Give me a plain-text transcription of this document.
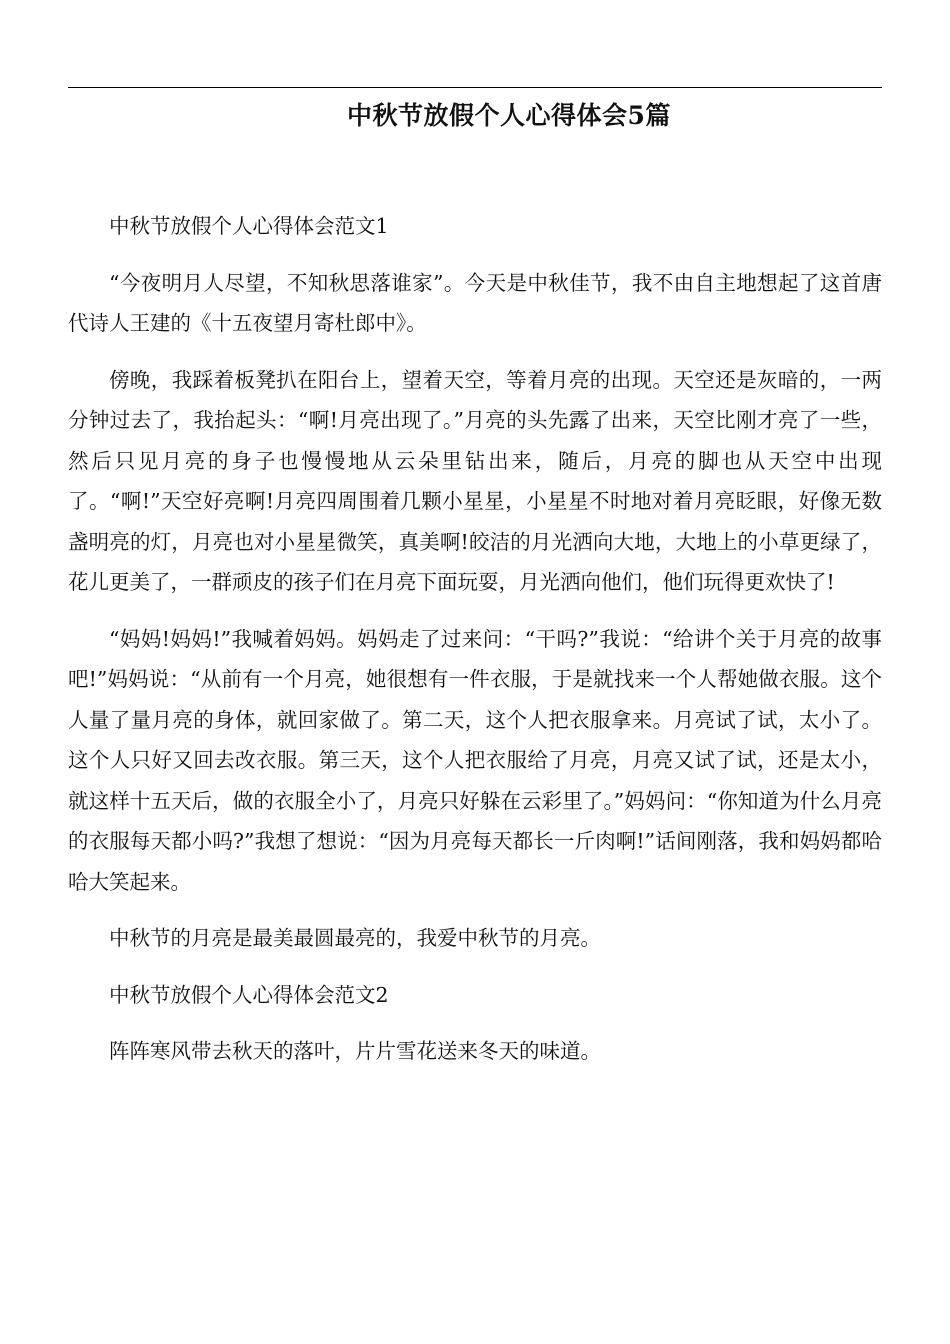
中秋节放假个人心得体会5篇

中秋节放假个人心得体会范文1

“今夜明月人尽望，不知秋思落谁家”。今天是中秋佳节，我不由自主地想起了这首唐代诗人王建的《十五夜望月寄杜郎中》。

傍晚，我踩着板凳扒在阳台上，望着天空，等着月亮的出现。天空还是灰暗的，一两分钟过去了，我抬起头：“啊!月亮出现了。”月亮的头先露了出来，天空比刚才亮了一些，然后只见月亮的身子也慢慢地从云朵里钻出来，随后，月亮的脚也从天空中出现了。“啊!”天空好亮啊!月亮四周围着几颗小星星，小星星不时地对着月亮眨眼，好像无数盏明亮的灯，月亮也对小星星微笑，真美啊!皎洁的月光洒向大地，大地上的小草更绿了，花儿更美了，一群顽皮的孩子们在月亮下面玩耍，月光洒向他们，他们玩得更欢快了!

“妈妈!妈妈!”我喊着妈妈。妈妈走了过来问：“干吗?”我说：“给讲个关于月亮的故事吧!”妈妈说：“从前有一个月亮，她很想有一件衣服，于是就找来一个人帮她做衣服。这个人量了量月亮的身体，就回家做了。第二天，这个人把衣服拿来。月亮试了试，太小了。这个人只好又回去改衣服。第三天，这个人把衣服给了月亮，月亮又试了试，还是太小，就这样十五天后，做的衣服全小了，月亮只好躲在云彩里了。”妈妈问：“你知道为什么月亮的衣服每天都小吗?”我想了想说：“因为月亮每天都长一斤肉啊!”话间刚落，我和妈妈都哈哈大笑起来。

中秋节的月亮是最美最圆最亮的，我爱中秋节的月亮。

中秋节放假个人心得体会范文2

阵阵寒风带去秋天的落叶，片片雪花送来冬天的味道。
